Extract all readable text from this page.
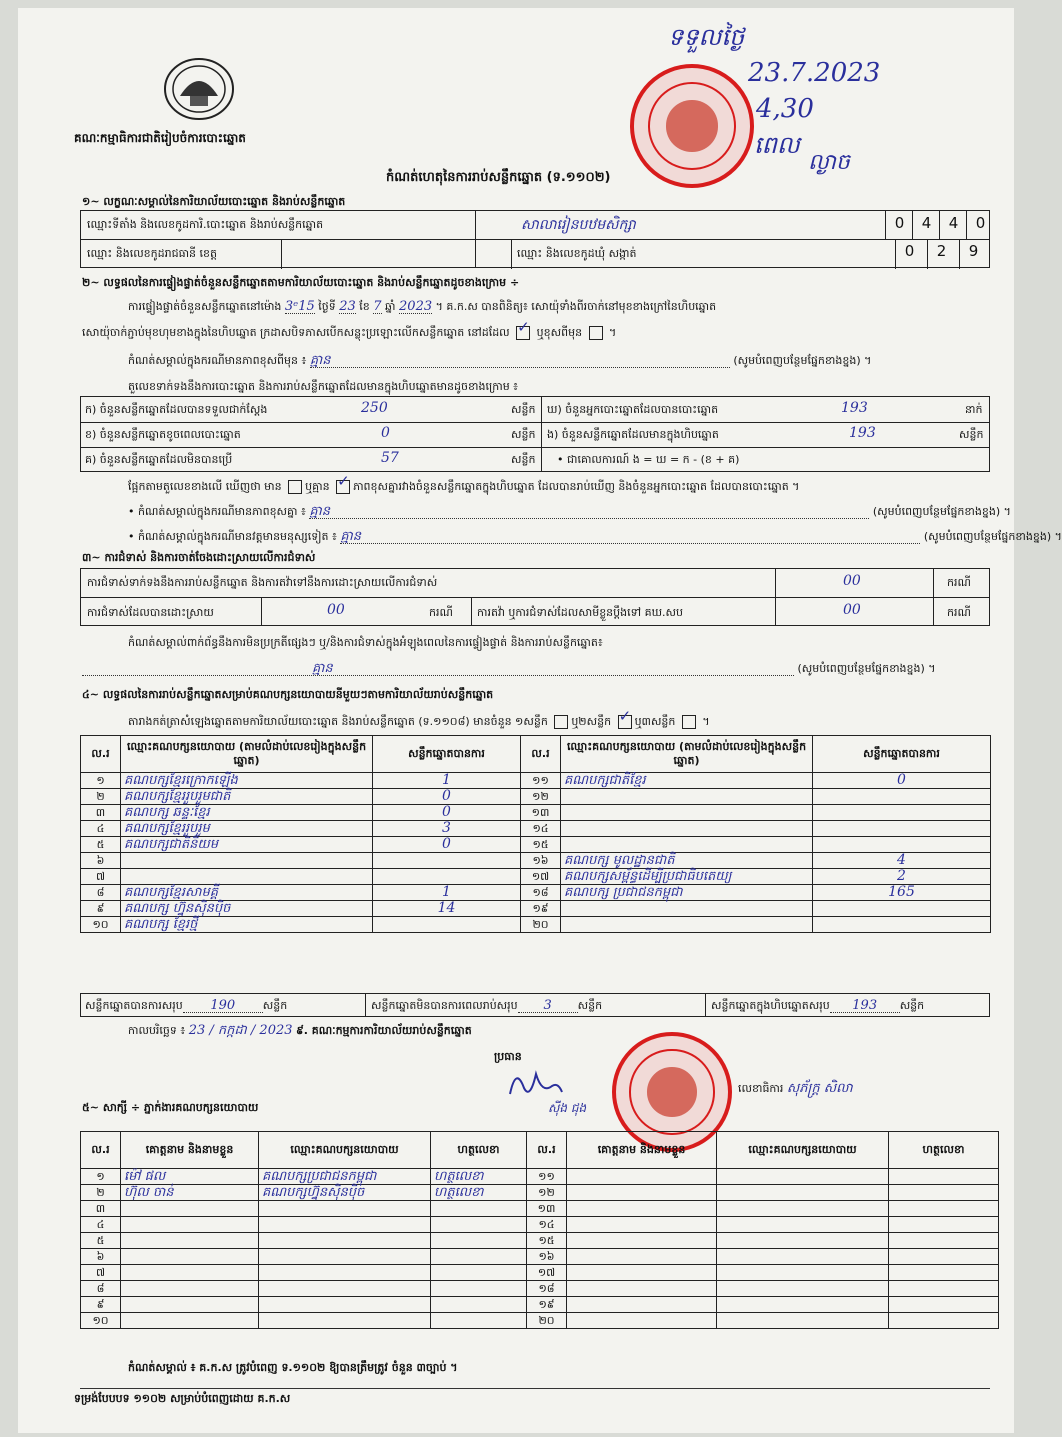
គណៈកម្មាធិការជាតិរៀបចំការបោះឆ្នោត
កំណត់ហេតុនៃការរាប់សន្លឹកឆ្នោត (ទ.១១០២)
ទទួលថ្ងៃ
23.7.2023
4,30
ពេល
ល្ងាច
១~ លក្ខណៈសម្គាល់នៃការិយាល័យបោះឆ្នោត និងរាប់សន្លឹកឆ្នោត
ឈ្មោះទីតាំង និងលេខកូដការិ.បោះឆ្នោត និងរាប់សន្លឹកឆ្នោត	សាលារៀនបឋមសិក្សា	0	4	4	0
ឈ្មោះ និងលេខកូដរាជធានី ខេត្ត	ឈ្មោះ និងលេខកូដឃុំ សង្កាត់	0	2	9
២~ លទ្ធផលនៃការផ្ទៀងផ្ទាត់ចំនួនសន្លឹកឆ្នោតតាមការិយាល័យបោះឆ្នោត និងរាប់សន្លឹកឆ្នោតដូចខាងក្រោម ÷
ការផ្ទៀងផ្ទាត់ចំនួនសន្លឹកឆ្នោតនៅម៉ោង 3ᵉ15 ថ្ងៃទី 23 ខែ 7 ឆ្នាំ 2023 ។ គ.ក.ស បានពិនិត្យ៖ សោយ៉ុទាំងពីរចាក់នៅមុខខាងក្រៅនៃហិបឆ្នោត
សោយ៉ុចាក់ភ្ជាប់មុខហុមខាងក្នុងនៃហិបឆ្នោត ក្រដាសបិទភាសបើកសន្លុះប្រឡោះលើកសន្លឹកឆ្នោត នៅដដែល ✓ ឬខុសពីមុន  ។
កំណត់សម្គាល់ក្នុងករណីមានភាពខុសពីមុន ៖ គ្មាន	(សូមបំពេញបន្ថែមផ្នែកខាងខ្នង) ។
តួលេខទាក់ទងនឹងការបោះឆ្នោត និងការរាប់សន្លឹកឆ្នោតដែលមានក្នុងហិបឆ្នោតមានដូចខាងក្រោម ៖
ក) ចំនួនសន្លឹកឆ្នោតដែលបានទទួលជាក់ស្តែង	250	សន្លឹក ឃ) ចំនួនអ្នកបោះឆ្នោតដែលបានបោះឆ្នោត	193	នាក់
ខ) ចំនួនសន្លឹកឆ្នោតខូចពេលបោះឆ្នោត	0	សន្លឹក ង) ចំនួនសន្លឹកឆ្នោតដែលមានក្នុងហិបឆ្នោត	193	សន្លឹក
គ) ចំនួនសន្លឹកឆ្នោតដែលមិនបានប្រើ	57	សន្លឹក • ជាគោលការណ៍ ង = ឃ = ក - (ខ + គ)
ផ្អែកតាមតួលេខខាងលើ ឃើញថា មាន ឬគ្មាន ✓ ភាពខុសគ្នារវាងចំនួនសន្លឹកឆ្នោតក្នុងហិបឆ្នោត ដែលបានរាប់ឃើញ និងចំនួនអ្នកបោះឆ្នោត ដែលបានបោះឆ្នោត ។
• កំណត់សម្គាល់ក្នុងករណីមានភាពខុសគ្នា ៖ គ្មាន	(សូមបំពេញបន្ថែមផ្នែកខាងខ្នង) ។
• កំណត់សម្គាល់ក្នុងករណីមានវត្តមានមនុស្សទៀត ៖ គ្មាន	(សូមបំពេញបន្ថែមផ្នែកខាងខ្នង) ។
៣~ ការជំទាស់ និងការចាត់ចែងដោះស្រាយលើការជំទាស់
ការជំទាស់ទាក់ទងនឹងការរាប់សន្លឹកឆ្នោត និងការតវ៉ាទៅនឹងការដោះស្រាយលើការជំទាស់	00	ករណី
ការជំទាស់ដែលបានដោះស្រាយ	00	ករណី ការតវ៉ា ឬការជំទាស់ដែលសាមីខ្លួនប្តឹងទៅ គឃ.សប	00	ករណី
កំណត់សម្គាល់ពាក់ព័ន្ធនឹងការមិនប្រក្រតីផ្សេងៗ ឬ/និងការជំទាស់ក្នុងអំឡុងពេលនៃការផ្ទៀងផ្ទាត់ និងការរាប់សន្លឹកឆ្នោត៖
គ្មាន	(សូមបំពេញបន្ថែមផ្នែកខាងខ្នង) ។
៤~ លទ្ធផលនៃការរាប់សន្លឹកឆ្នោតសម្រាប់គណបក្សនយោបាយនីមួយៗតាមការិយាល័យរាប់សន្លឹកឆ្នោត
តារាងកត់ត្រាសំឡេងឆ្នោតតាមការិយាល័យបោះឆ្នោត និងរាប់សន្លឹកឆ្នោត (ទ.១១០៨) មានចំនួន ១សន្លឹក ឬ២សន្លឹក ✓ ឬ៣សន្លឹក  ។
ល.រ	ឈ្មោះគណបក្សនយោបាយ (តាមលំដាប់លេខរៀងក្នុងសន្លឹកឆ្នោត)	សន្លឹកឆ្នោតបានការ	ល.រ	ឈ្មោះគណបក្សនយោបាយ (តាមលំដាប់លេខរៀងក្នុងសន្លឹកឆ្នោត)	សន្លឹកឆ្នោតបានការ
១	គណបក្សខ្មែរក្រោកឡើង	1	១១	គណបក្សជាតិខ្មែរ	0
២	គណបក្សខ្មែររួបរួមជាតិ	0	១២		
៣	គណបក្ស ឆន្ទៈខ្មែរ	0	១៣		
៤	គណបក្សខ្មែររួបរួម	3	១៤		
៥	គណបក្សជាតិនិយម	0	១៥		
៦			១៦	គណបក្ស មូលដ្ឋានជាតិ	4
៧			១៧	គណបក្សសម្ព័ន្ធដើម្បីប្រជាធិបតេយ្យ	2
៨	គណបក្សខ្មែរសាមគ្គី	1	១៨	គណបក្ស ប្រជាជនកម្ពុជា	165
៩	គណបក្ស ហ្វ៊ុនស៊ិនប៉ិច	14	១៩		
១០	គណបក្ស ខ្មែរថ្មី		២០		
សន្លឹកឆ្នោតបានការសរុប 190	សន្លឹក	សន្លឹកឆ្នោតមិនបានការពេលរាប់សរុប 3 សន្លឹក	សន្លឹកឆ្នោតក្នុងហិបឆ្នោតសរុប 193 សន្លឹក
កាលបរិច្ឆេទ ៖ 23 / កក្កដា / 2023 ៩. គណៈកម្មការការិយាល័យរាប់សន្លឹកឆ្នោត
ប្រធាន
ស៊ីង ជុង
លេខាធិការ សុភ័ក្រ្ត សិលា
៥~ សាក្សី ÷ ភ្នាក់ងារគណបក្សនយោបាយ
ល.រ	គោត្តនាម និងនាមខ្លួន	ឈ្មោះគណបក្សនយោបាយ	ហត្ថលេខា	ល.រ	គោត្តនាម និងនាមខ្លួន	ឈ្មោះគណបក្សនយោបាយ	ហត្ថលេខា
១	ម៉ៅ ផល	គណបក្សប្រជាជនកម្ពុជា	ហត្ថលេខា	១១			
២	ហ៊ុល ចាន់	គណបក្សហ្វ៊ុនស៊ិនប៉ិច	ហត្ថលេខា	១២			
៣				១៣			
៤				១៤			
៥				១៥			
៦				១៦			
៧				១៧			
៨				១៨			
៩				១៩			
១០				២០			
កំណត់សម្គាល់ ៖ គ.ក.ស ត្រូវបំពេញ ទ.១១០២ ឱ្យបានត្រឹមត្រូវ ចំនួន ៣ច្បាប់ ។
ទម្រង់បែបបទ ១១០២ សម្រាប់បំពេញដោយ គ.ក.ស
